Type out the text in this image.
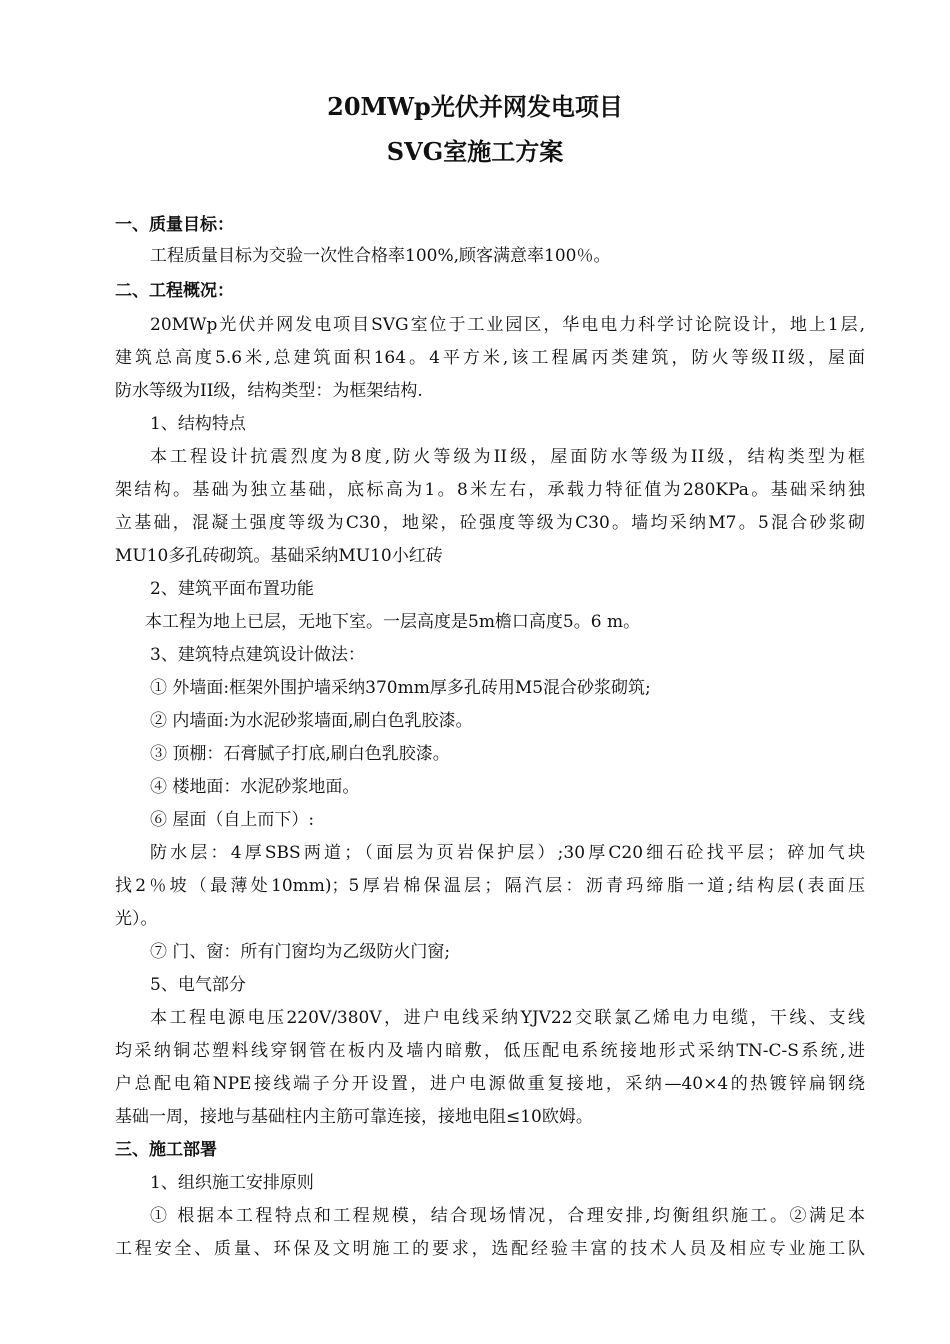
20MWp光伏并网发电项目
SVG室施工方案
一、质量目标：
工程质量目标为交验一次性合格率100%,顾客满意率100％。
二、工程概况：
20MWp光伏并网发电项目SVG室位于工业园区，华电电力科学讨论院设计，地上1层,
建筑总高度5.6米,总建筑面积164。4平方米,该工程属丙类建筑，防火等级II级，屋面
防水等级为II级，结构类型：为框架结构.
1、结构特点
本工程设计抗震烈度为8度,防火等级为II级，屋面防水等级为II级，结构类型为框
架结构。基础为独立基础，底标高为1。8米左右，承载力特征值为280KPa。基础采纳独
立基础，混凝土强度等级为C30，地梁，砼强度等级为C30。墙均采纳M7。5混合砂浆砌
MU10多孔砖砌筑。基础采纳MU10小红砖
2、建筑平面布置功能
本工程为地上已层，无地下室。一层高度是5m檐口高度5。6 m。
3、建筑特点建筑设计做法：
① 外墙面:框架外围护墙采纳370mm厚多孔砖用M5混合砂浆砌筑;
② 内墙面:为水泥砂浆墙面,刷白色乳胶漆。
③ 顶棚：石膏腻子打底,刷白色乳胶漆。
④ 楼地面：水泥砂浆地面。
⑥ 屋面（自上而下）:
防水层：4厚SBS两道；（面层为页岩保护层）;30厚C20细石砼找平层；碎加气块
找2％坡（最薄处10mm)；5厚岩棉保温层；隔汽层：沥青玛缔脂一道;结构层(表面压
光）。
⑦ 门、窗：所有门窗均为乙级防火门窗;
5、电气部分
本工程电源电压220V/380V，进户电线采纳YJV22交联氯乙烯电力电缆，干线、支线
均采纳铜芯塑料线穿钢管在板内及墙内暗敷，低压配电系统接地形式采纳TN-C-S系统,进
户总配电箱NPE接线端子分开设置，进户电源做重复接地，采纳—40×4的热镀锌扁钢绕
基础一周，接地与基础柱内主筋可靠连接，接地电阻≤10欧姆。
三、施工部署
1、组织施工安排原则
① 根据本工程特点和工程规模，结合现场情况，合理安排,均衡组织施工。②满足本
工程安全、质量、环保及文明施工的要求，选配经验丰富的技术人员及相应专业施工队
